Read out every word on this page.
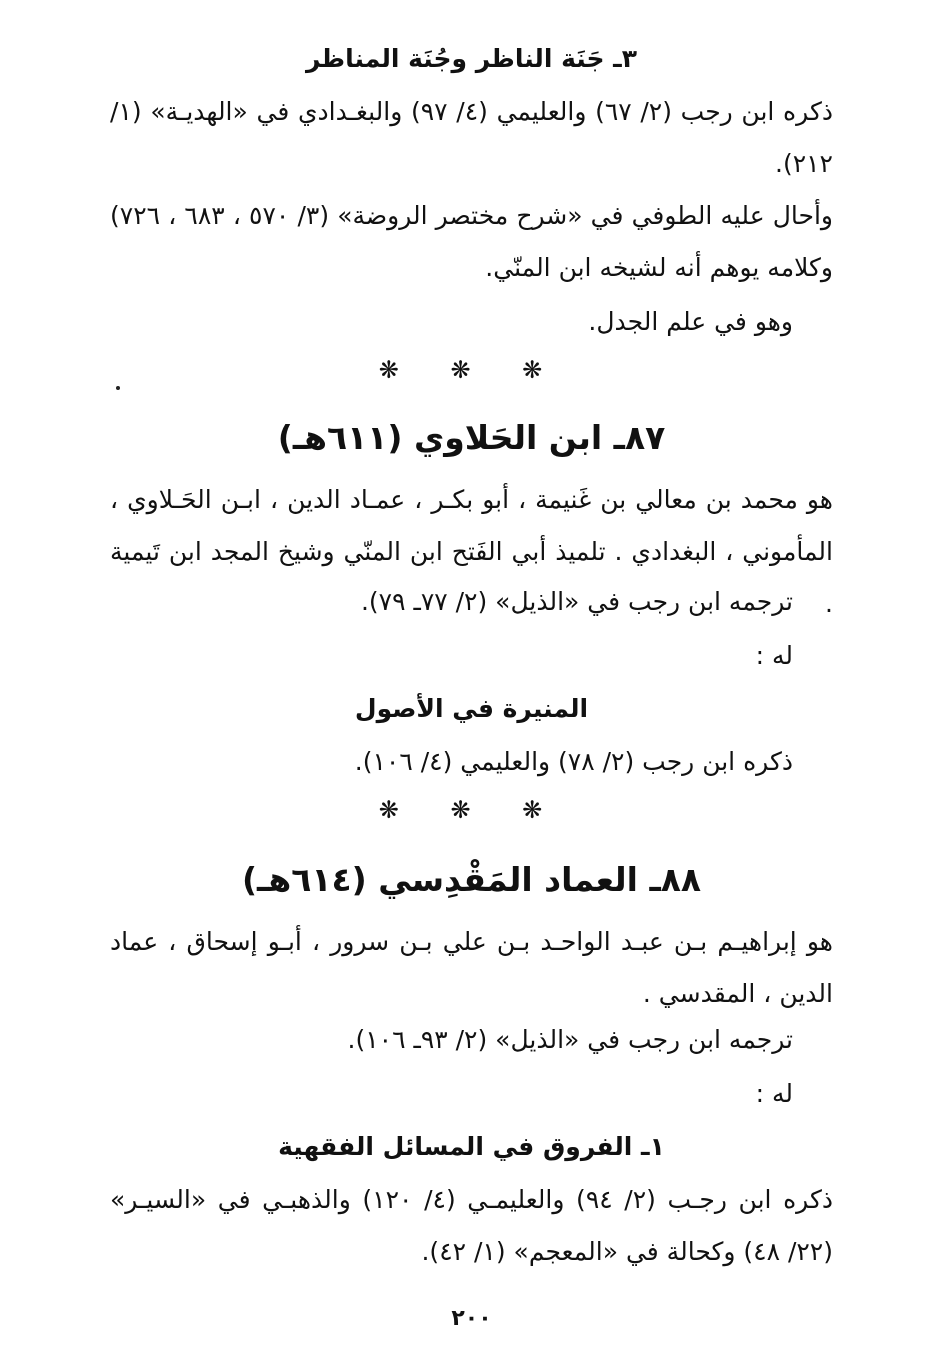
٣ـ جَنَة الناظر وجُنَة المناظر
ذكره ابن رجب (٢/ ٦٧) والعليمي (٤/ ٩٧) والبغـدادي في «الهديـة» (١/ ٢١٢).
وأحال عليه الطوفي في «شرح مختصر الروضة» (٣/ ٥٧٠ ، ٦٨٣ ، ٧٢٦) وكلامه يوهم أنه لشيخه ابن المنّي.
وهو في علم الجدل.
❋ ❋ ❋
٨٧ـ ابن الحَلاوي (٦١١هـ)
هو محمد بن معالي بن غَنيمة ، أبو بكـر ، عمـاد الدين ، ابـن الحَـلاوي ، المأموني ، البغدادي . تلميذ أبي الفَتح ابن المنّي وشيخ المجد ابن تَيمية .
ترجمه ابن رجب في «الذيل» (٢/ ٧٧ـ ٧٩).
له :
المنيرة في الأصول
ذكره ابن رجب (٢/ ٧٨) والعليمي (٤/ ١٠٦).
❋ ❋ ❋
٨٨ـ العماد المَقْدِسي (٦١٤هـ)
هو إبراهيـم بـن عبـد الواحـد بـن علي بـن سرور ، أبـو إسحاق ، عماد الدين ، المقدسي .
ترجمه ابن رجب في «الذيل» (٢/ ٩٣ـ ١٠٦).
له :
١ـ الفروق في المسائل الفقهية
ذكره ابن رجـب (٢/ ٩٤) والعليمـي (٤/ ١٢٠) والذهبـي في «السيـر» (٢٢/ ٤٨) وكحالة في «المعجم» (١/ ٤٢).
٢٠٠
